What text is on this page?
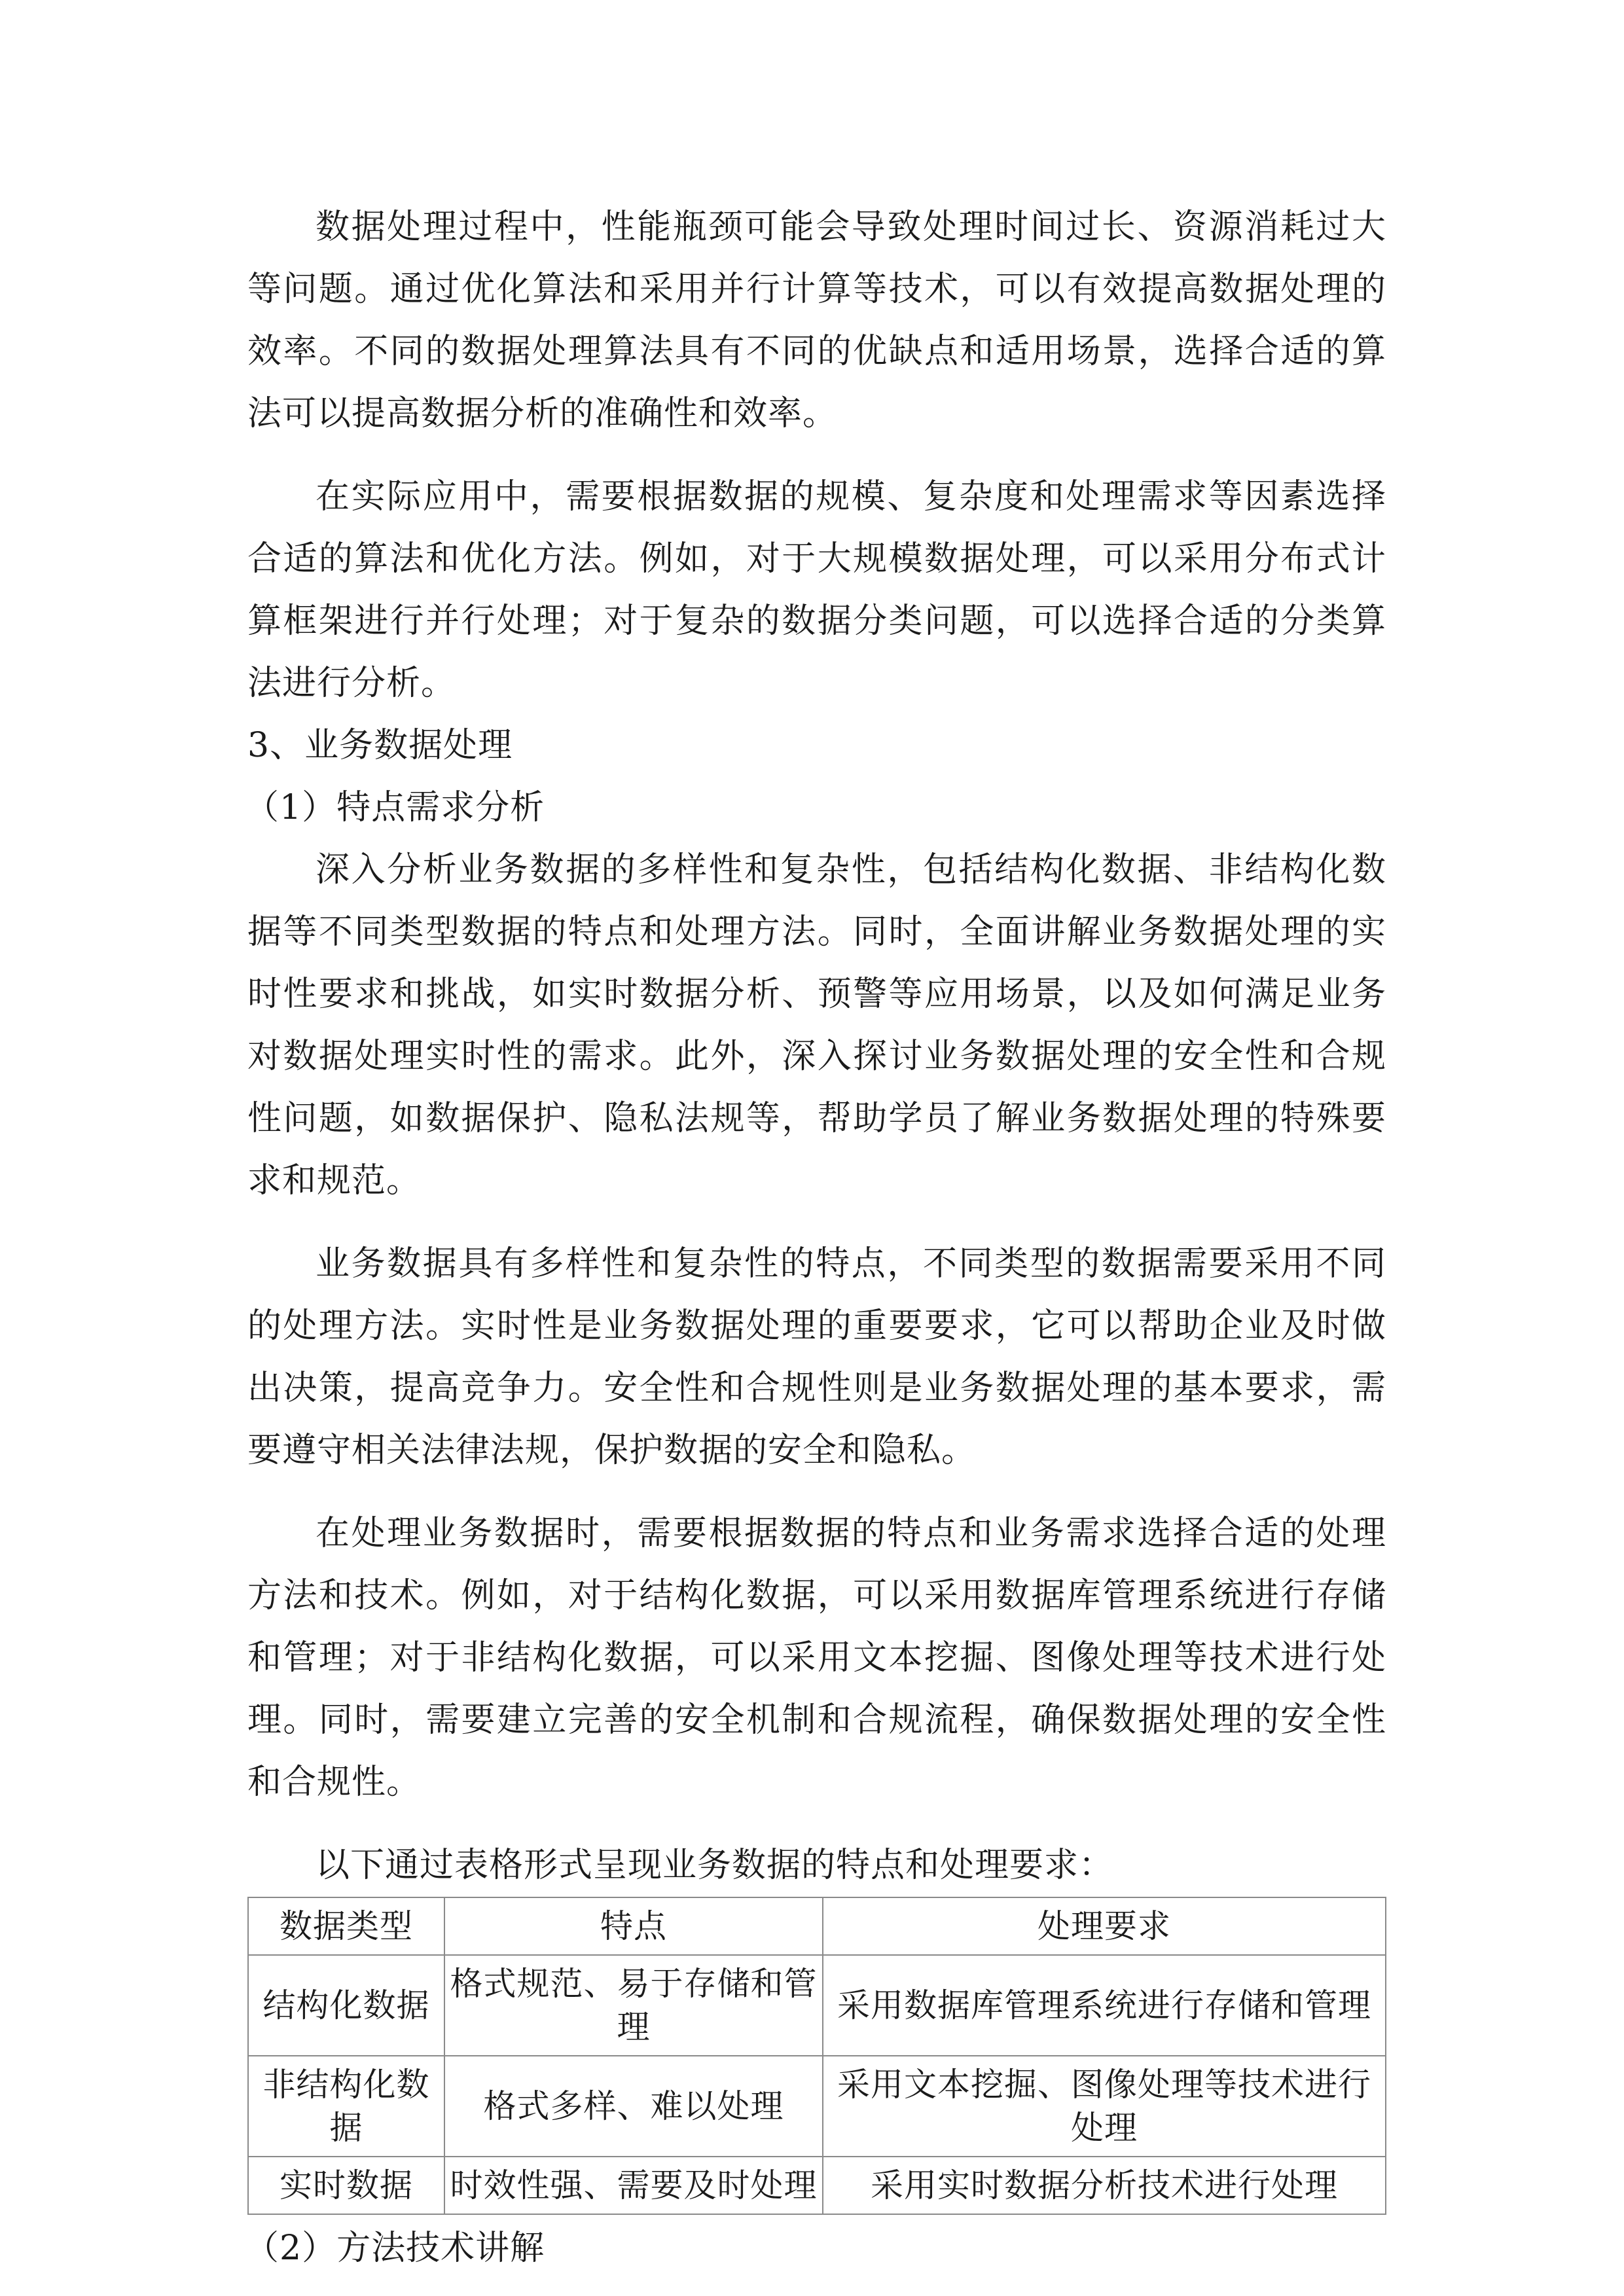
数据处理过程中，性能瓶颈可能会导致处理时间过长、资源消耗过大等问题。通过优化算法和采用并行计算等技术，可以有效提高数据处理的效率。不同的数据处理算法具有不同的优缺点和适用场景，选择合适的算法可以提高数据分析的准确性和效率。

在实际应用中，需要根据数据的规模、复杂度和处理需求等因素选择合适的算法和优化方法。例如，对于大规模数据处理，可以采用分布式计算框架进行并行处理；对于复杂的数据分类问题，可以选择合适的分类算法进行分析。

3、业务数据处理

（1）特点需求分析

深入分析业务数据的多样性和复杂性，包括结构化数据、非结构化数据等不同类型数据的特点和处理方法。同时，全面讲解业务数据处理的实时性要求和挑战，如实时数据分析、预警等应用场景，以及如何满足业务对数据处理实时性的需求。此外，深入探讨业务数据处理的安全性和合规性问题，如数据保护、隐私法规等，帮助学员了解业务数据处理的特殊要求和规范。

业务数据具有多样性和复杂性的特点，不同类型的数据需要采用不同的处理方法。实时性是业务数据处理的重要要求，它可以帮助企业及时做出决策，提高竞争力。安全性和合规性则是业务数据处理的基本要求，需要遵守相关法律法规，保护数据的安全和隐私。

在处理业务数据时，需要根据数据的特点和业务需求选择合适的处理方法和技术。例如，对于结构化数据，可以采用数据库管理系统进行存储和管理；对于非结构化数据，可以采用文本挖掘、图像处理等技术进行处理。同时，需要建立完善的安全机制和合规流程，确保数据处理的安全性和合规性。

以下通过表格形式呈现业务数据的特点和处理要求：

数据类型	特点	处理要求
结构化数据	格式规范、易于存储和管理	采用数据库管理系统进行存储和管理
非结构化数据	格式多样、难以处理	采用文本挖掘、图像处理等技术进行处理
实时数据	时效性强、需要及时处理	采用实时数据分析技术进行处理

（2）方法技术讲解
